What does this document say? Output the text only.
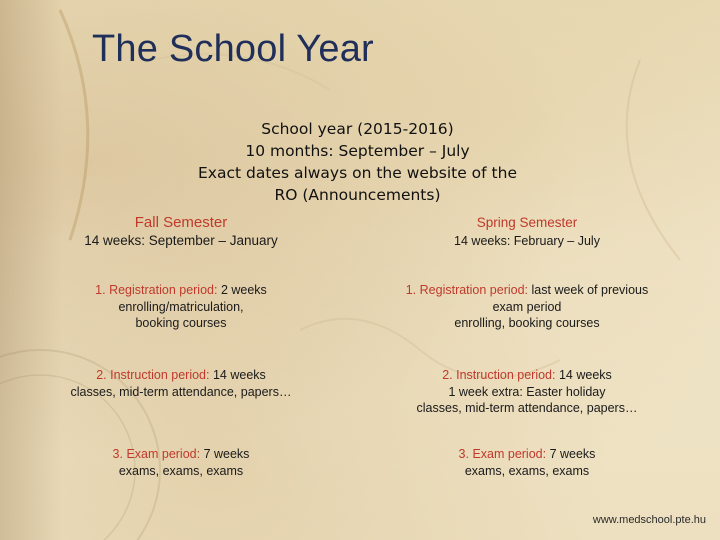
The School Year
School year (2015-2016)
10 months: September – July
Exact dates always on the website of the
RO (Announcements)
Fall Semester
14 weeks: September – January
1. Registration period: 2 weeks
enrolling/matriculation,
booking courses
2. Instruction period: 14 weeks
classes, mid-term attendance, papers…
3. Exam period: 7 weeks
exams, exams, exams
Spring Semester
14 weeks: February – July
1. Registration period: last week of previous
exam period
enrolling, booking courses
2. Instruction period: 14 weeks
1 week extra: Easter holiday
classes, mid-term attendance, papers…
3. Exam period: 7 weeks
exams, exams, exams
www.medschool.pte.hu
